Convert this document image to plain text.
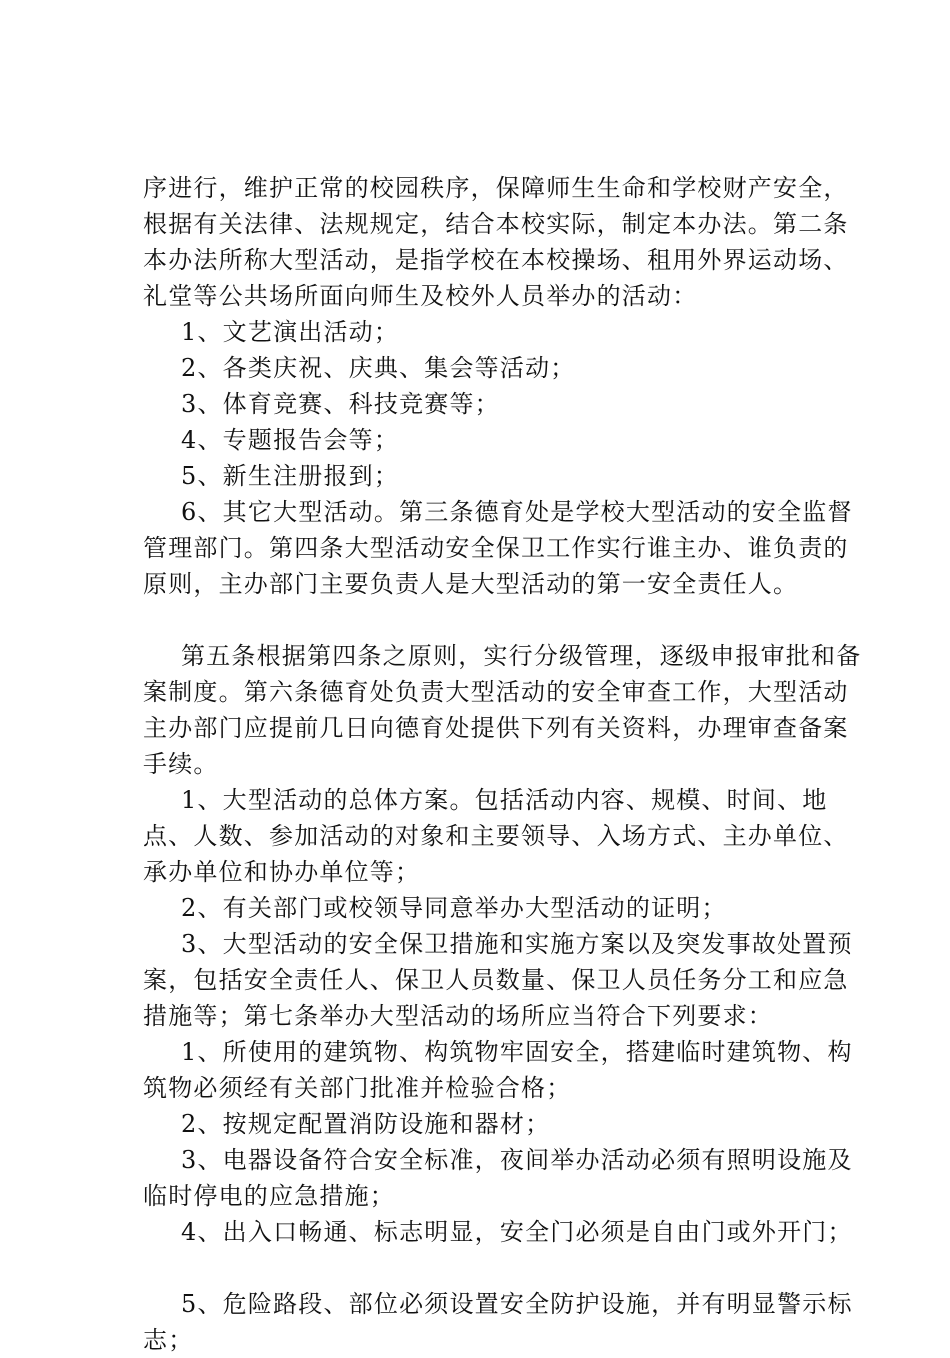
序进行，维护正常的校园秩序，保障师生生命和学校财产安全，根据有关法律、法规规定，结合本校实际，制定本办法。第二条本办法所称大型活动，是指学校在本校操场、租用外界运动场、礼堂等公共场所面向师生及校外人员举办的活动：

1、文艺演出活动；

2、各类庆祝、庆典、集会等活动；

3、体育竞赛、科技竞赛等；

4、专题报告会等；

5、新生注册报到；

6、其它大型活动。第三条德育处是学校大型活动的安全监督管理部门。第四条大型活动安全保卫工作实行谁主办、谁负责的原则，主办部门主要负责人是大型活动的第一安全责任人。

第五条根据第四条之原则，实行分级管理，逐级申报审批和备案制度。第六条德育处负责大型活动的安全审查工作，大型活动主办部门应提前几日向德育处提供下列有关资料，办理审查备案手续。

1、大型活动的总体方案。包括活动内容、规模、时间、地点、人数、参加活动的对象和主要领导、入场方式、主办单位、承办单位和协办单位等；

2、有关部门或校领导同意举办大型活动的证明；

3、大型活动的安全保卫措施和实施方案以及突发事故处置预案，包括安全责任人、保卫人员数量、保卫人员任务分工和应急措施等；第七条举办大型活动的场所应当符合下列要求：

1、所使用的建筑物、构筑物牢固安全，搭建临时建筑物、构筑物必须经有关部门批准并检验合格；

2、按规定配置消防设施和器材；

3、电器设备符合安全标准，夜间举办活动必须有照明设施及临时停电的应急措施；

4、出入口畅通、标志明显，安全门必须是自由门或外开门；

5、危险路段、部位必须设置安全防护设施，并有明显警示标志；
